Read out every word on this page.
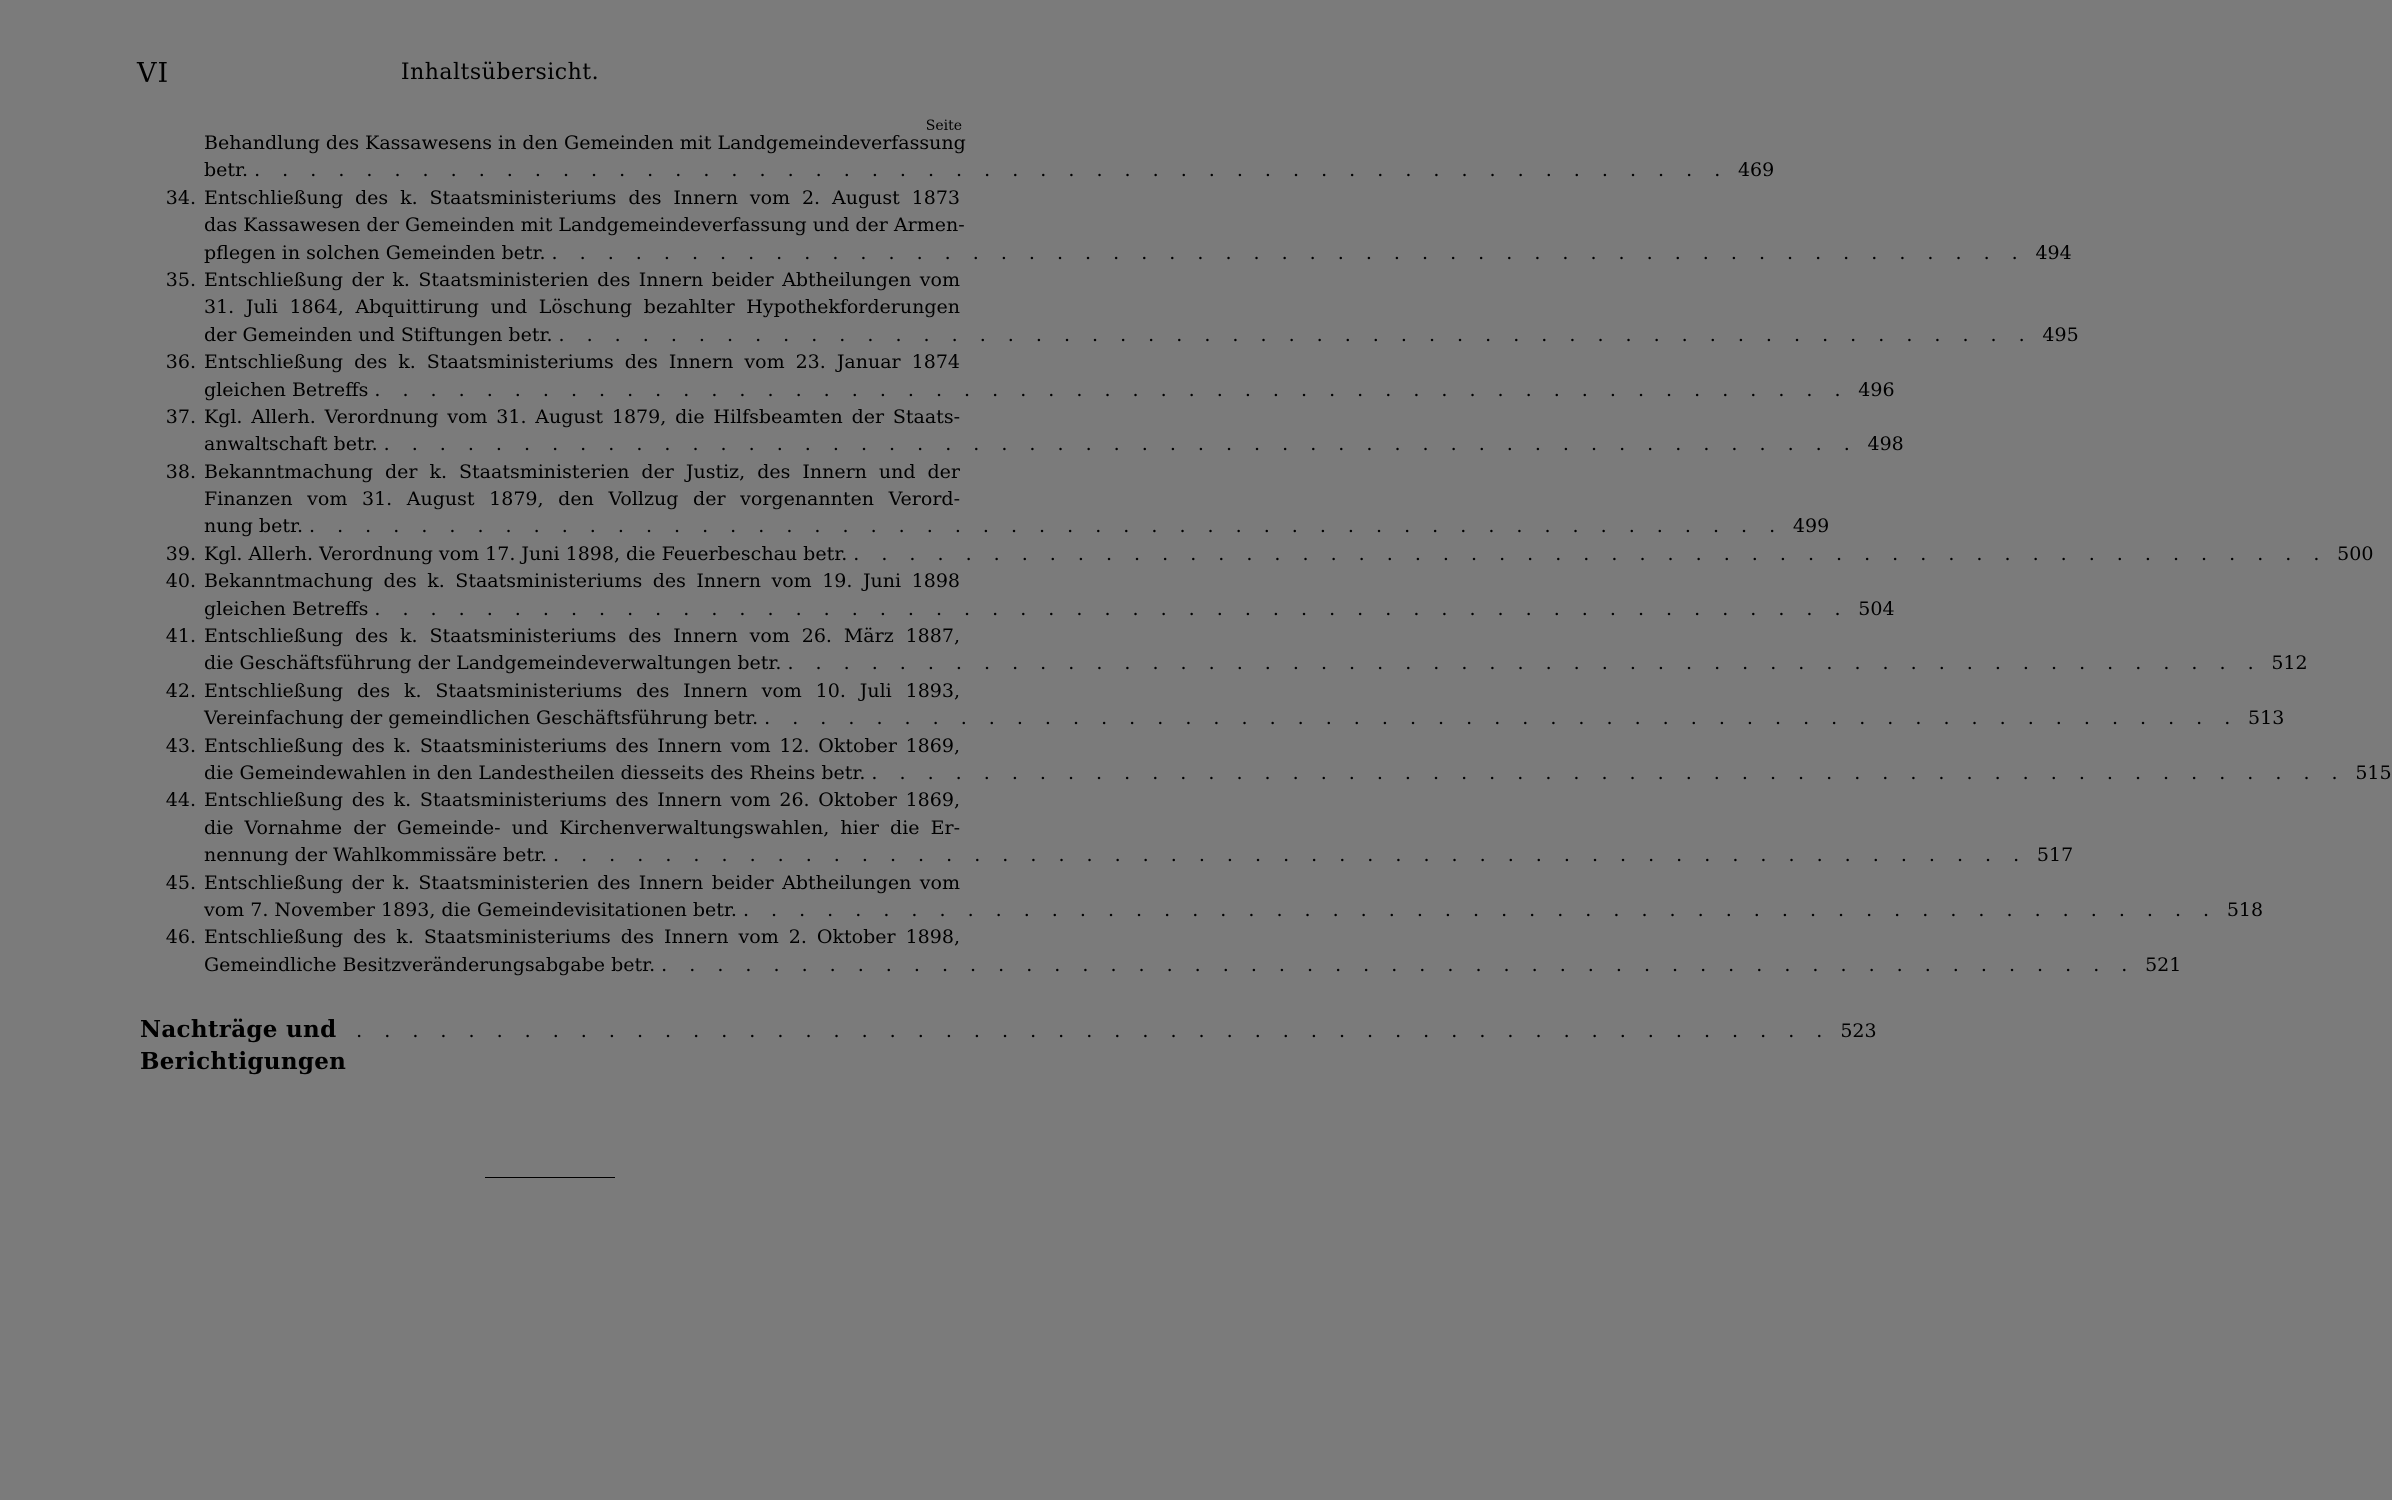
VI	Inhaltsübersicht.
Seite
Behandlung des Kassawesens in den Gemeinden mit Landgemeindeverfassung
betr. . . . . . . . . . . . . . . . . . . . . . . . . . . . . . . . . . . . . . . . . . . . . . . . . . . . . . 469
34. Entschließung des k. Staatsministeriums des Innern vom 2. August 1873
das Kassawesen der Gemeinden mit Landgemeindeverfassung und der Armen-
pflegen in solchen Gemeinden betr. . . . . . . . . . . . . . . . . . . . . . . . . . . . . . . . . . . . . . . . . . . . . . . . . . . . . . 494
35. Entschließung der k. Staatsministerien des Innern beider Abtheilungen vom
31. Juli 1864, Abquittirung und Löschung bezahlter Hypothekforderungen
der Gemeinden und Stiftungen betr. . . . . . . . . . . . . . . . . . . . . . . . . . . . . . . . . . . . . . . . . . . . . . . . . . . . . . 495
36. Entschließung des k. Staatsministeriums des Innern vom 23. Januar 1874
gleichen Betreffs . . . . . . . . . . . . . . . . . . . . . . . . . . . . . . . . . . . . . . . . . . . . . . . . . . . . . 496
37. Kgl. Allerh. Verordnung vom 31. August 1879, die Hilfsbeamten der Staats-
anwaltschaft betr. . . . . . . . . . . . . . . . . . . . . . . . . . . . . . . . . . . . . . . . . . . . . . . . . . . . . . 498
38. Bekanntmachung der k. Staatsministerien der Justiz, des Innern und der
Finanzen vom 31. August 1879, den Vollzug der vorgenannten Verord-
nung betr. . . . . . . . . . . . . . . . . . . . . . . . . . . . . . . . . . . . . . . . . . . . . . . . . . . . . . 499
39. Kgl. Allerh. Verordnung vom 17. Juni 1898, die Feuerbeschau betr. . . . . . . . . . . . . . . . . . . . . . . . . . . . . . . . . . . . . . . . . . . . . . . . . . . . . . 500
40. Bekanntmachung des k. Staatsministeriums des Innern vom 19. Juni 1898
gleichen Betreffs . . . . . . . . . . . . . . . . . . . . . . . . . . . . . . . . . . . . . . . . . . . . . . . . . . . . . 504
41. Entschließung des k. Staatsministeriums des Innern vom 26. März 1887,
die Geschäftsführung der Landgemeindeverwaltungen betr. . . . . . . . . . . . . . . . . . . . . . . . . . . . . . . . . . . . . . . . . . . . . . . . . . . . . . 512
42. Entschließung des k. Staatsministeriums des Innern vom 10. Juli 1893,
Vereinfachung der gemeindlichen Geschäftsführung betr. . . . . . . . . . . . . . . . . . . . . . . . . . . . . . . . . . . . . . . . . . . . . . . . . . . . . . 513
43. Entschließung des k. Staatsministeriums des Innern vom 12. Oktober 1869,
die Gemeindewahlen in den Landestheilen diesseits des Rheins betr. . . . . . . . . . . . . . . . . . . . . . . . . . . . . . . . . . . . . . . . . . . . . . . . . . . . . . 515
44. Entschließung des k. Staatsministeriums des Innern vom 26. Oktober 1869,
die Vornahme der Gemeinde- und Kirchenverwaltungswahlen, hier die Er-
nennung der Wahlkommissäre betr. . . . . . . . . . . . . . . . . . . . . . . . . . . . . . . . . . . . . . . . . . . . . . . . . . . . . . 517
45. Entschließung der k. Staatsministerien des Innern beider Abtheilungen vom
vom 7. November 1893, die Gemeindevisitationen betr. . . . . . . . . . . . . . . . . . . . . . . . . . . . . . . . . . . . . . . . . . . . . . . . . . . . . . 518
46. Entschließung des k. Staatsministeriums des Innern vom 2. Oktober 1898,
Gemeindliche Besitzveränderungsabgabe betr. . . . . . . . . . . . . . . . . . . . . . . . . . . . . . . . . . . . . . . . . . . . . . . . . . . . . . 521
Nachträge und Berichtigungen
. . . . . . . . . . . . . . . . . . . . . . . . . . . . . . . . . . . . . . . . . . . . . . . . . . . . . 523
